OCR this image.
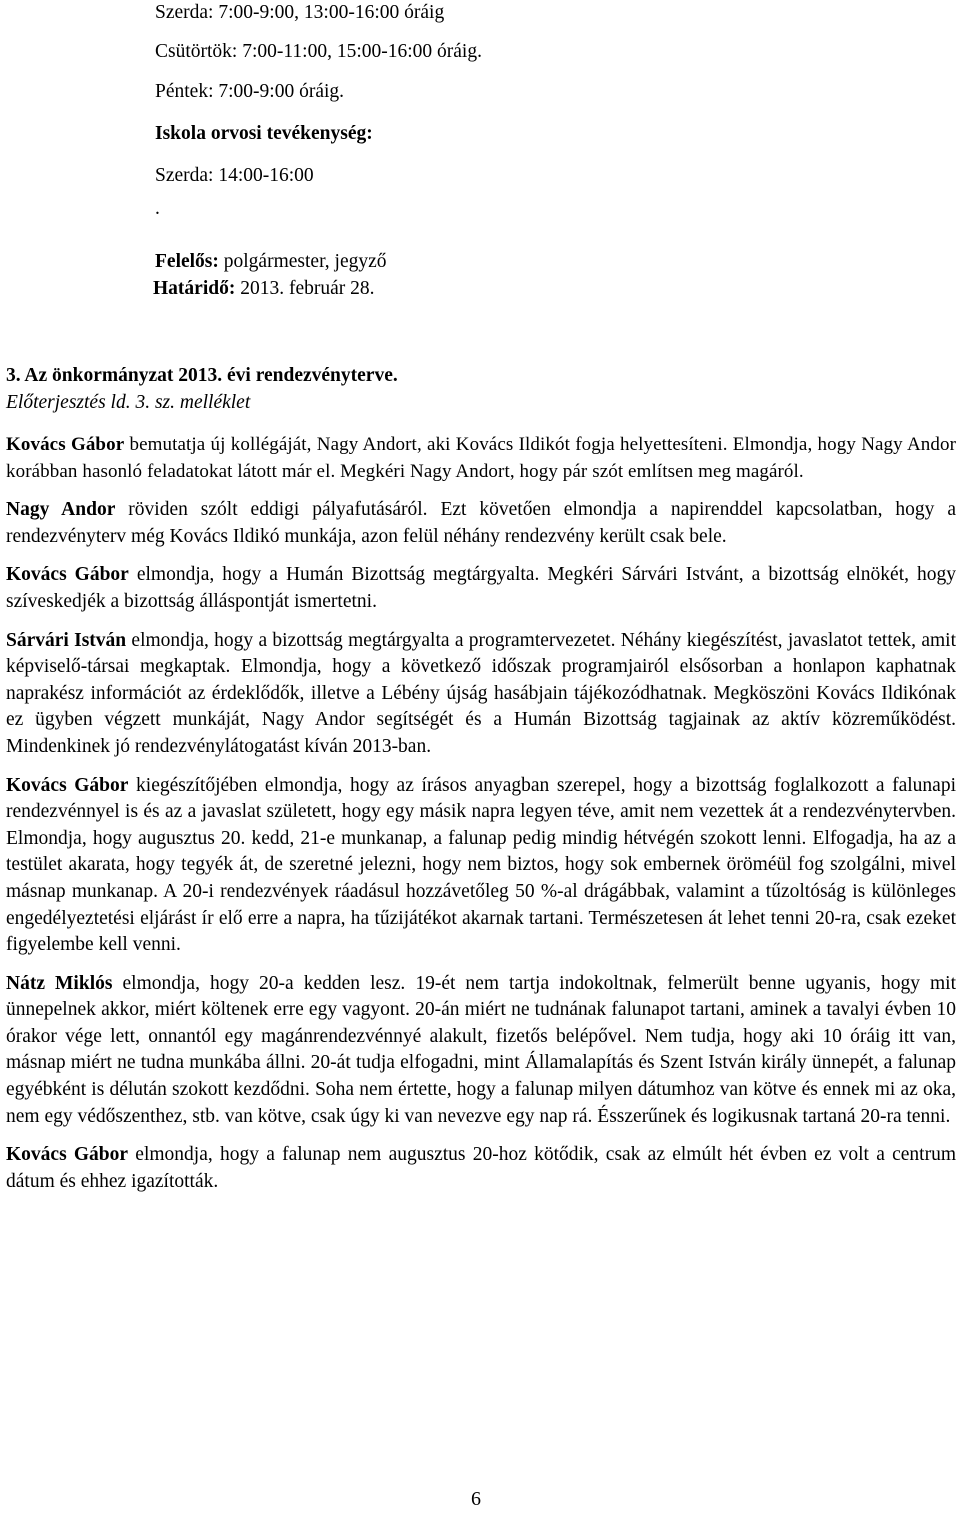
Szerda: 7:00-9:00, 13:00-16:00 óráig

Csütörtök: 7:00-11:00, 15:00-16:00 óráig.

Péntek: 7:00-9:00 óráig.

Iskola orvosi tevékenység:

Szerda: 14:00-16:00

.

Felelős: polgármester, jegyző

Határidő: 2013. február 28.

3. Az önkormányzat 2013. évi rendezvényterve.

Előterjesztés ld. 3. sz. melléklet

Kovács Gábor bemutatja új kollégáját, Nagy Andort, aki Kovács Ildikót fogja helyettesíteni. Elmondja, hogy Nagy Andor korábban hasonló feladatokat látott már el. Megkéri Nagy Andort, hogy pár szót említsen meg magáról.

Nagy Andor röviden szólt eddigi pályafutásáról. Ezt követően elmondja a napirenddel kapcsolatban, hogy a rendezvényterv még Kovács Ildikó munkája, azon felül néhány rendezvény került csak bele.

Kovács Gábor elmondja, hogy a Humán Bizottság megtárgyalta. Megkéri Sárvári Istvánt, a bizottság elnökét, hogy szíveskedjék a bizottság álláspontját ismertetni.

Sárvári István elmondja, hogy a bizottság megtárgyalta a programtervezetet. Néhány kiegészítést, javaslatot tettek, amit képviselő-társai megkaptak. Elmondja, hogy a következő időszak programjairól elsősorban a honlapon kaphatnak naprakész információt az érdeklődők, illetve a Lébény újság hasábjain tájékozódhatnak. Megköszöni Kovács Ildikónak ez ügyben végzett munkáját, Nagy Andor segítségét és a Humán Bizottság tagjainak az aktív közreműködést. Mindenkinek jó rendezvénylátogatást kíván 2013-ban.

Kovács Gábor kiegészítőjében elmondja, hogy az írásos anyagban szerepel, hogy a bizottság foglalkozott a falunapi rendezvénnyel is és az a javaslat született, hogy egy másik napra legyen téve, amit nem vezettek át a rendezvénytervben. Elmondja, hogy augusztus 20. kedd, 21-e munkanap, a falunap pedig mindig hétvégén szokott lenni. Elfogadja, ha az a testület akarata, hogy tegyék át, de szeretné jelezni, hogy nem biztos, hogy sok embernek öröméül fog szolgálni, mivel másnap munkanap. A 20-i rendezvények ráadásul hozzávetőleg 50 %-al drágábbak, valamint a tűzoltóság is különleges engedélyeztetési eljárást ír elő erre a napra, ha tűzijátékot akarnak tartani. Természetesen át lehet tenni 20-ra, csak ezeket figyelembe kell venni.

Nátz Miklós elmondja, hogy 20-a kedden lesz. 19-ét nem tartja indokoltnak, felmerült benne ugyanis, hogy mit ünnepelnek akkor, miért költenek erre egy vagyont. 20-án miért ne tudnának falunapot tartani, aminek a tavalyi évben 10 órakor vége lett, onnantól egy magánrendezvénnyé alakult, fizetős belépővel. Nem tudja, hogy aki 10 óráig itt van, másnap miért ne tudna munkába állni. 20-át tudja elfogadni, mint Államalapítás és Szent István király ünnepét, a falunap egyébként is délután szokott kezdődni. Soha nem értette, hogy a falunap milyen dátumhoz van kötve és ennek mi az oka, nem egy védőszenthez, stb. van kötve, csak úgy ki van nevezve egy nap rá. Ésszerűnek és logikusnak tartaná 20-ra tenni.

Kovács Gábor elmondja, hogy a falunap nem augusztus 20-hoz kötődik, csak az elmúlt hét évben ez volt a centrum dátum és ehhez igazították.

6
